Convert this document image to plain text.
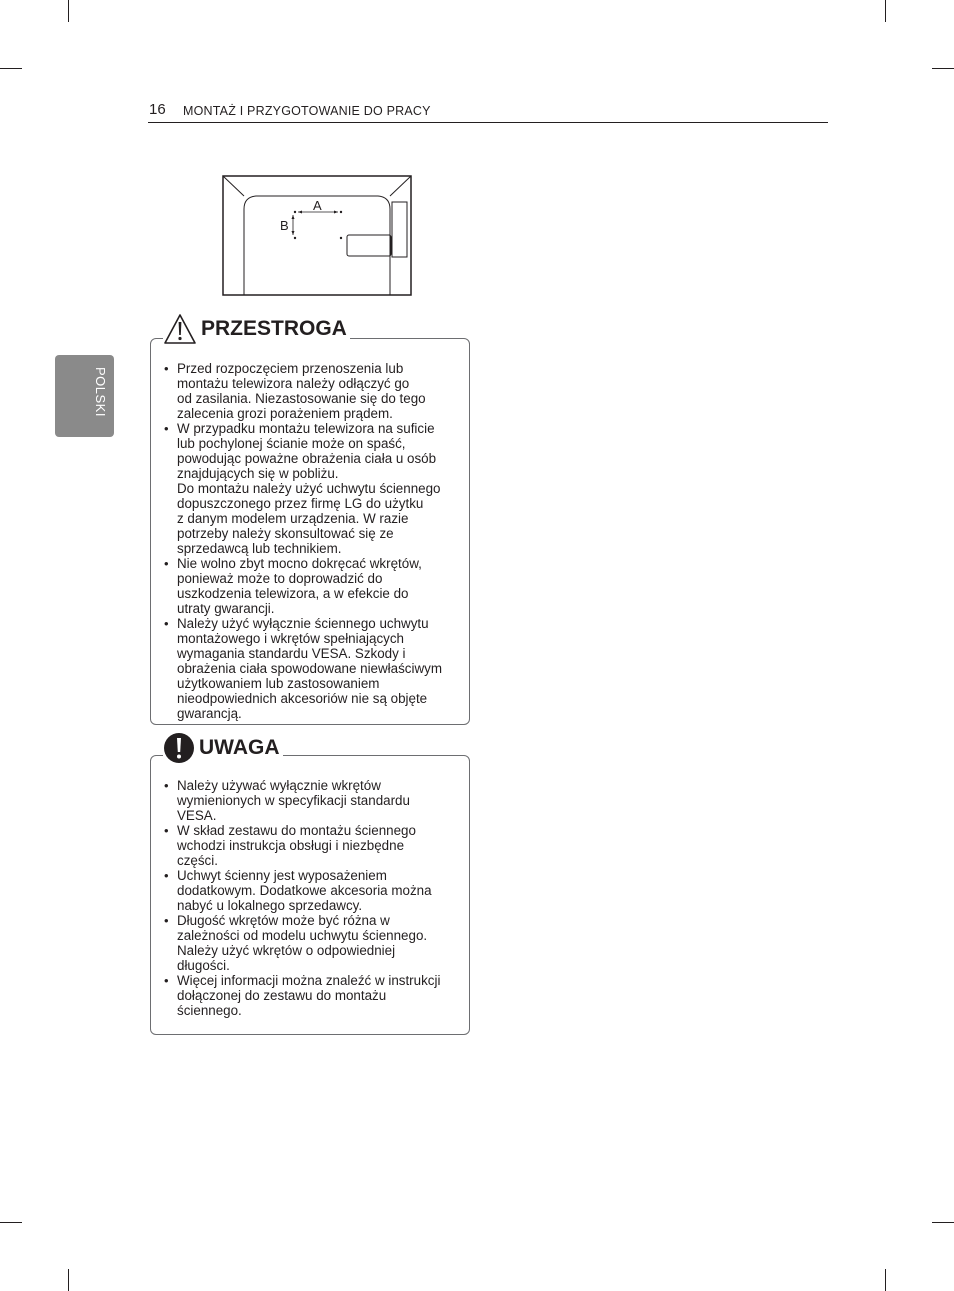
16 MONTAŻ I PRZYGOTOWANIE DO PRACY
POLSKI
A
B
PRZESTROGA
• Przed rozpoczęciem przenoszenia lub
montażu telewizora należy odłączyć go
od zasilania. Niezastosowanie się do tego
zalecenia grozi porażeniem prądem.
• W przypadku montażu telewizora na suficie
lub pochylonej ścianie może on spaść,
powodując poważne obrażenia ciała u osób
znajdujących się w pobliżu.
Do montażu należy użyć uchwytu ściennego
dopuszczonego przez firmę LG do użytku
z danym modelem urządzenia. W razie
potrzeby należy skonsultować się ze
sprzedawcą lub technikiem.
• Nie wolno zbyt mocno dokręcać wkrętów,
ponieważ może to doprowadzić do
uszkodzenia telewizora, a w efekcie do
utraty gwarancji.
• Należy użyć wyłącznie ściennego uchwytu
montażowego i wkrętów spełniających
wymagania standardu VESA. Szkody i
obrażenia ciała spowodowane niewłaściwym
użytkowaniem lub zastosowaniem
nieodpowiednich akcesoriów nie są objęte
gwarancją.
UWAGA
• Należy używać wyłącznie wkrętów
wymienionych w specyfikacji standardu
VESA.
• W skład zestawu do montażu ściennego
wchodzi instrukcja obsługi i niezbędne
części.
• Uchwyt ścienny jest wyposażeniem
dodatkowym. Dodatkowe akcesoria można
nabyć u lokalnego sprzedawcy.
• Długość wkrętów może być różna w
zależności od modelu uchwytu ściennego.
Należy użyć wkrętów o odpowiedniej
długości.
• Więcej informacji można znaleźć w instrukcji
dołączonej do zestawu do montażu
ściennego.
